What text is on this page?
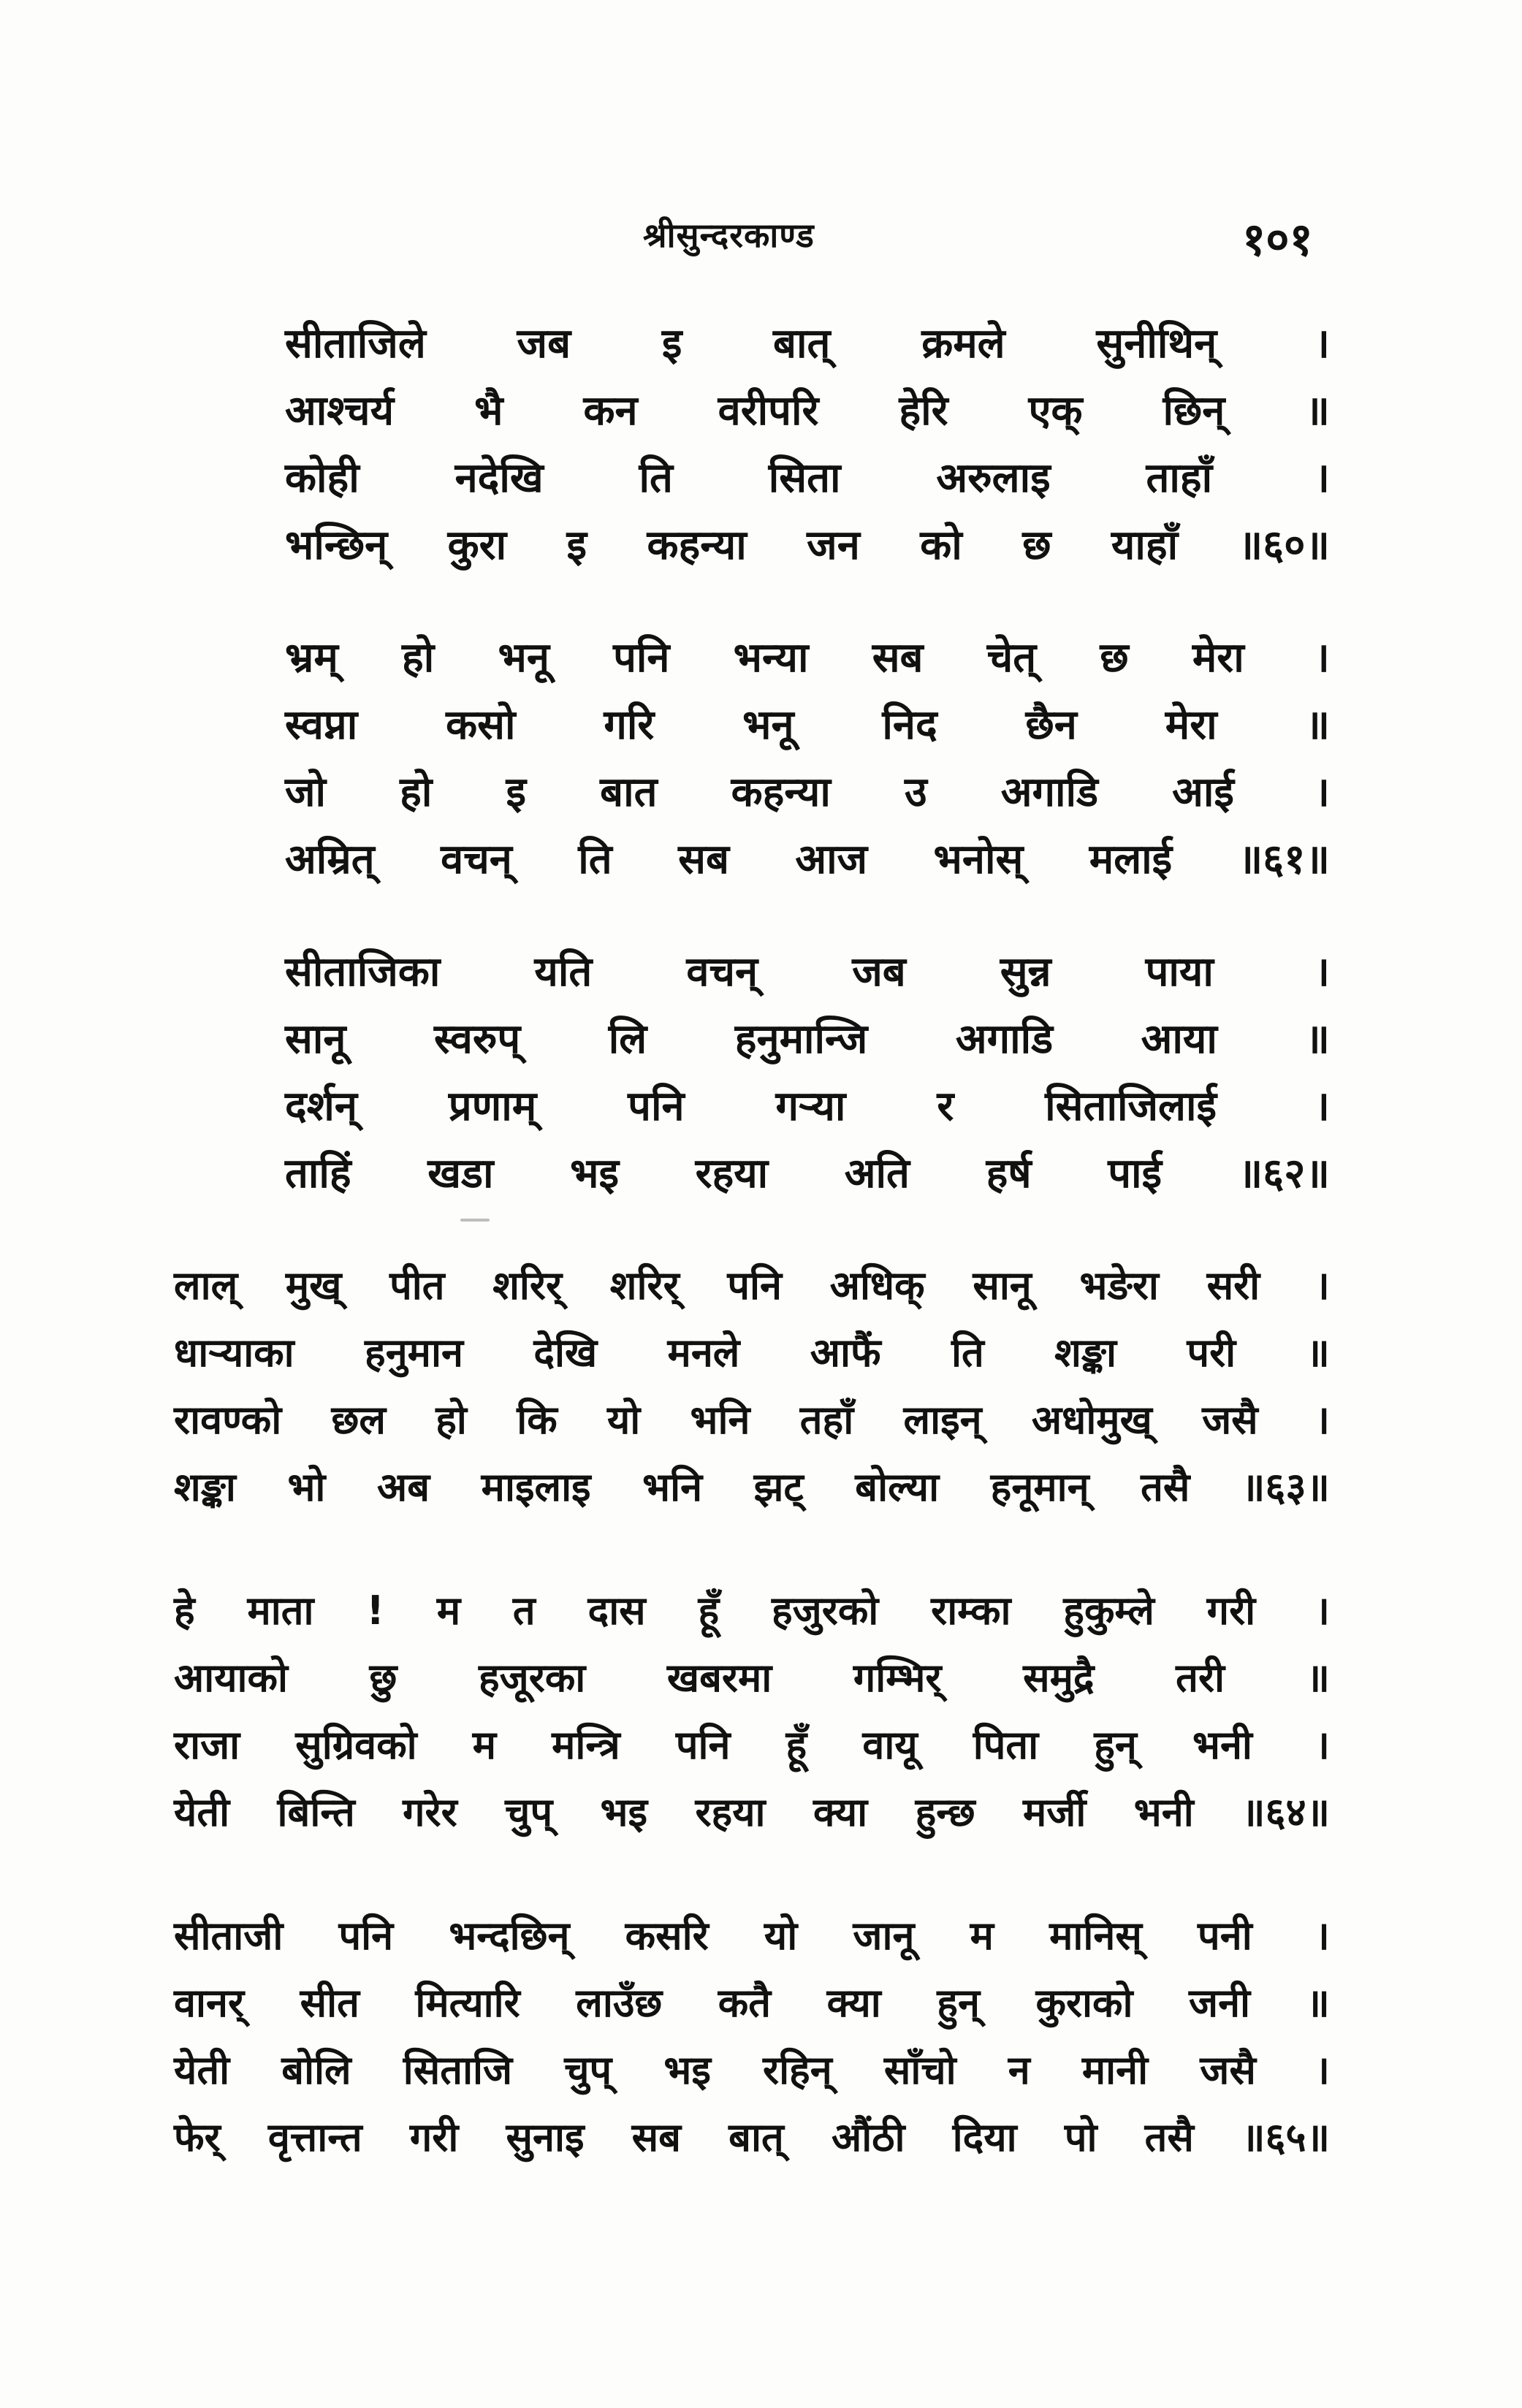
श्रीसुन्दरकाण्ड	१०१
सीताजिले जब इ बात् क्रमले सुनीथिन् ।
आश्चर्य भै कन वरीपरि हेरि एक् छिन् ॥
कोही नदेखि ति सिता अरुलाइ ताहाँ ।
भन्छिन् कुरा इ कहन्या जन को छ याहाँ ॥६०॥
भ्रम् हो भनू पनि भन्या सब चेत् छ मेरा ।
स्वप्ना कसो गरि भनू निद छैन मेरा ॥
जो हो इ बात कहन्या उ अगाडि आई ।
अम्रित् वचन् ति सब आज भनोस् मलाई ॥६१॥
सीताजिका यति वचन् जब सुन्न पाया ।
सानू स्वरुप् लि हनुमान्जि अगाडि आया ॥
दर्शन् प्रणाम् पनि गऱ्या र सिताजिलाई ।
ताहिं खडा भइ रहया अति हर्ष पाई ॥६२॥
लाल् मुख् पीत शरिर् शरिर् पनि अधिक् सानू भङेरा सरी ।
धाऱ्याका हनुमान देखि मनले आफैं ति शङ्का परी ॥
रावण्को छल हो कि यो भनि तहाँ लाइन् अधोमुख् जसै ।
शङ्का भो अब माइलाइ भनि झट् बोल्या हनूमान् तसै ॥६३॥
हे माता ! म त दास हूँ हजुरको राम्का हुकुम्ले गरी ।
आयाको छु हजूरका खबरमा गम्भिर् समुद्रै तरी ॥
राजा सुग्रिवको म मन्त्रि पनि हूँ वायू पिता हुन् भनी ।
येती बिन्ति गरेर चुप् भइ रहया क्या हुन्छ मर्जी भनी ॥६४॥
सीताजी पनि भन्दछिन् कसरि यो जानू म मानिस् पनी ।
वानर् सीत मित्यारि लाउँछ कतै क्या हुन् कुराको जनी ॥
येती बोलि सिताजि चुप् भइ रहिन् साँचो न मानी जसै ।
फेर् वृत्तान्त गरी सुनाइ सब बात् औंठी दिया पो तसै ॥६५॥
